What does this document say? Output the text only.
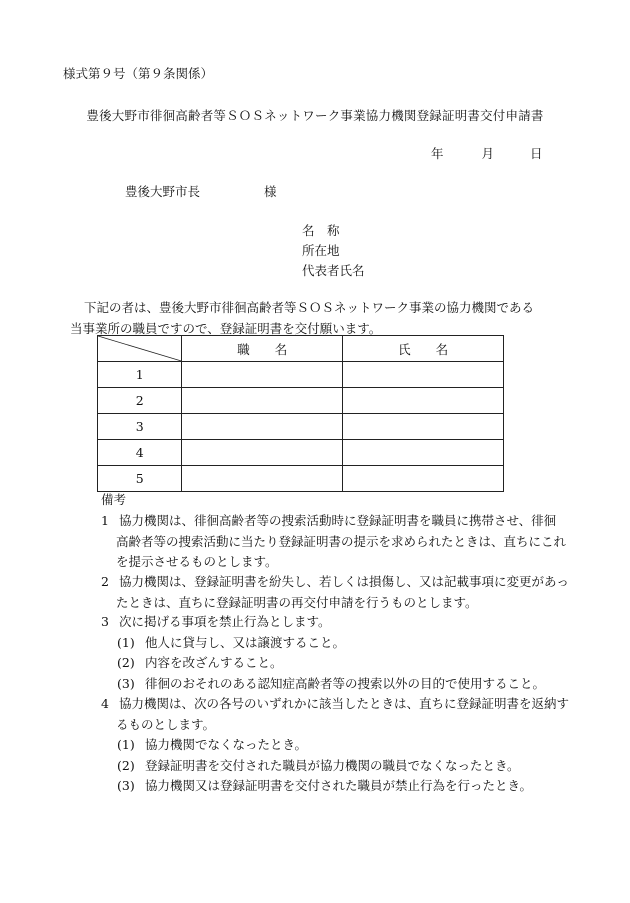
様式第９号（第９条関係）
豊後大野市徘徊高齢者等ＳＯＳネットワーク事業協力機関登録証明書交付申請書
年	月	日
豊後大野市長	様
名　称
所在地
代表者氏名
下記の者は、豊後大野市徘徊高齢者等ＳＯＳネットワーク事業の協力機関である
当事業所の職員ですので、登録証明書を交付願います。
	職　　名	氏　　名
1		
2		
3		
4		
5		
備考
1 協力機関は、徘徊高齢者等の捜索活動時に登録証明書を職員に携帯させ、徘徊
高齢者等の捜索活動に当たり登録証明書の提示を求められたときは、直ちにこれ
を提示させるものとします。
2 協力機関は、登録証明書を紛失し、若しくは損傷し、又は記載事項に変更があっ
たときは、直ちに登録証明書の再交付申請を行うものとします。
3 次に掲げる事項を禁止行為とします。
(1) 他人に貸与し、又は譲渡すること。
(2) 内容を改ざんすること。
(3) 徘徊のおそれのある認知症高齢者等の捜索以外の目的で使用すること。
4 協力機関は、次の各号のいずれかに該当したときは、直ちに登録証明書を返納す
るものとします。
(1) 協力機関でなくなったとき。
(2) 登録証明書を交付された職員が協力機関の職員でなくなったとき。
(3) 協力機関又は登録証明書を交付された職員が禁止行為を行ったとき。
